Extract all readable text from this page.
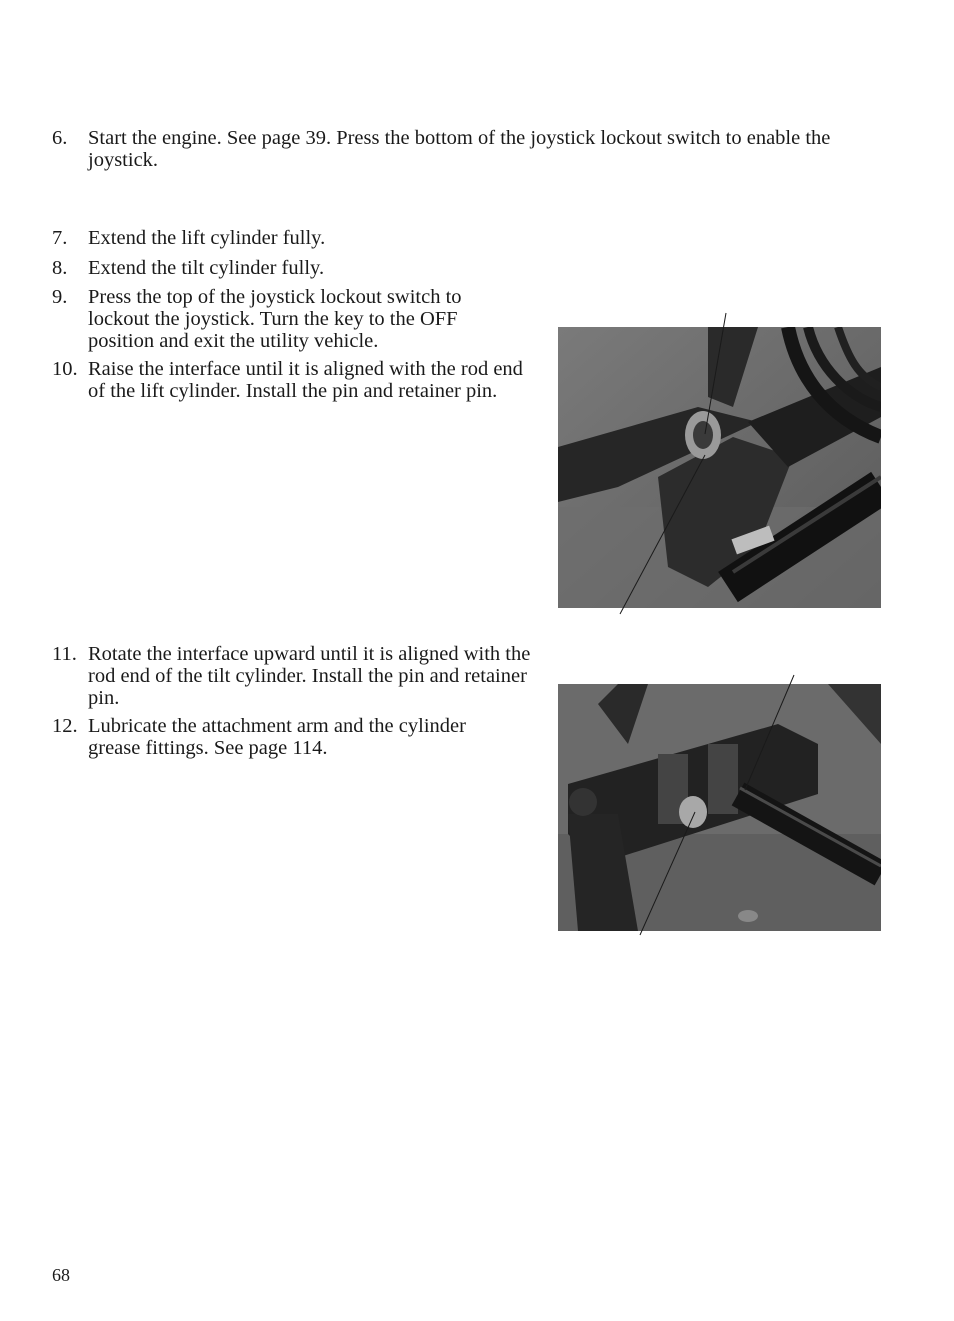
6. Start the engine. See page 39. Press the bottom of the joystick lockout switch to enable the joystick.
7. Extend the lift cylinder fully.
8. Extend the tilt cylinder fully.
9. Press the top of the joystick lockout switch to lockout the joystick. Turn the key to the OFF position and exit the utility vehicle.
10. Raise the interface until it is aligned with the rod end of the lift cylinder. Install the pin and retainer pin.
11. Rotate the interface upward until it is aligned with the rod end of the tilt cylinder. Install the pin and retainer pin.
12. Lubricate the attachment arm and the cylinder grease fittings. See page 114.
68
